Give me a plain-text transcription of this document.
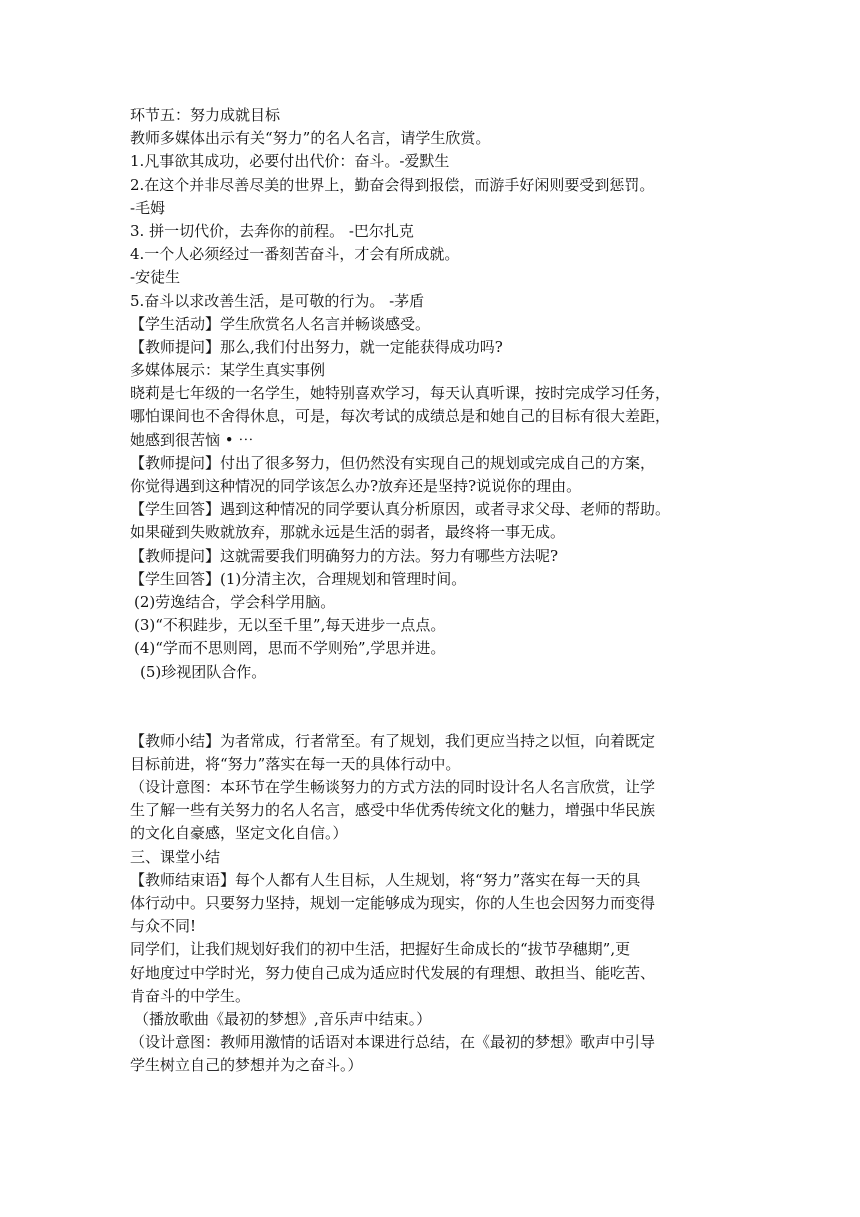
环节五：努力成就目标
教师多媒体出示有关“努力”的名人名言，请学生欣赏。
1.凡事欲其成功，必要付出代价：奋斗。-爱默生
2.在这个并非尽善尽美的世界上，勤奋会得到报偿，而游手好闲则要受到惩罚。
-毛姆
3. 拼一切代价，去奔你的前程。 -巴尔扎克
4.一个人必须经过一番刻苦奋斗，才会有所成就。
-安徒生
5.奋斗以求改善生活，是可敬的行为。 -茅盾
【学生活动】学生欣赏名人名言并畅谈感受。
【教师提问】那么,我们付出努力，就一定能获得成功吗?
多媒体展示：某学生真实事例
晓莉是七年级的一名学生，她特别喜欢学习，每天认真听课，按时完成学习任务，
哪怕课间也不舍得休息，可是，每次考试的成绩总是和她自己的目标有很大差距，
她感到很苦恼 • ⋯
【教师提问】付出了很多努力，但仍然没有实现自己的规划或完成自己的方案，
你觉得遇到这种情况的同学该怎么办?放弃还是坚持?说说你的理由。
【学生回答】遇到这种情况的同学要认真分析原因，或者寻求父母、老师的帮助。
如果碰到失败就放弃，那就永远是生活的弱者，最终将一事无成。
【教师提问】这就需要我们明确努力的方法。努力有哪些方法呢?
【学生回答】(1)分清主次，合理规划和管理时间。
(2)劳逸结合，学会科学用脑。
(3)“不积跬步，无以至千里”,每天进步一点点。
(4)“学而不思则罔，思而不学则殆”,学思并进。
(5)珍视团队合作。
【教师小结】为者常成，行者常至。有了规划，我们更应当持之以恒，向着既定
目标前进，将“努力”落实在每一天的具体行动中。
（设计意图：本环节在学生畅谈努力的方式方法的同时设计名人名言欣赏，让学
生了解一些有关努力的名人名言，感受中华优秀传统文化的魅力，增强中华民族
的文化自豪感，坚定文化自信。）
三、课堂小结
【教师结束语】每个人都有人生目标，人生规划，将“努力”落实在每一天的具
体行动中。只要努力坚持，规划一定能够成为现实，你的人生也会因努力而变得
与众不同!
同学们，让我们规划好我们的初中生活，把握好生命成长的“拔节孕穗期”,更
好地度过中学时光，努力使自己成为适应时代发展的有理想、敢担当、能吃苦、
肯奋斗的中学生。
（播放歌曲《最初的梦想》,音乐声中结束。）
（设计意图：教师用激情的话语对本课进行总结，在《最初的梦想》歌声中引导
学生树立自己的梦想并为之奋斗。）
